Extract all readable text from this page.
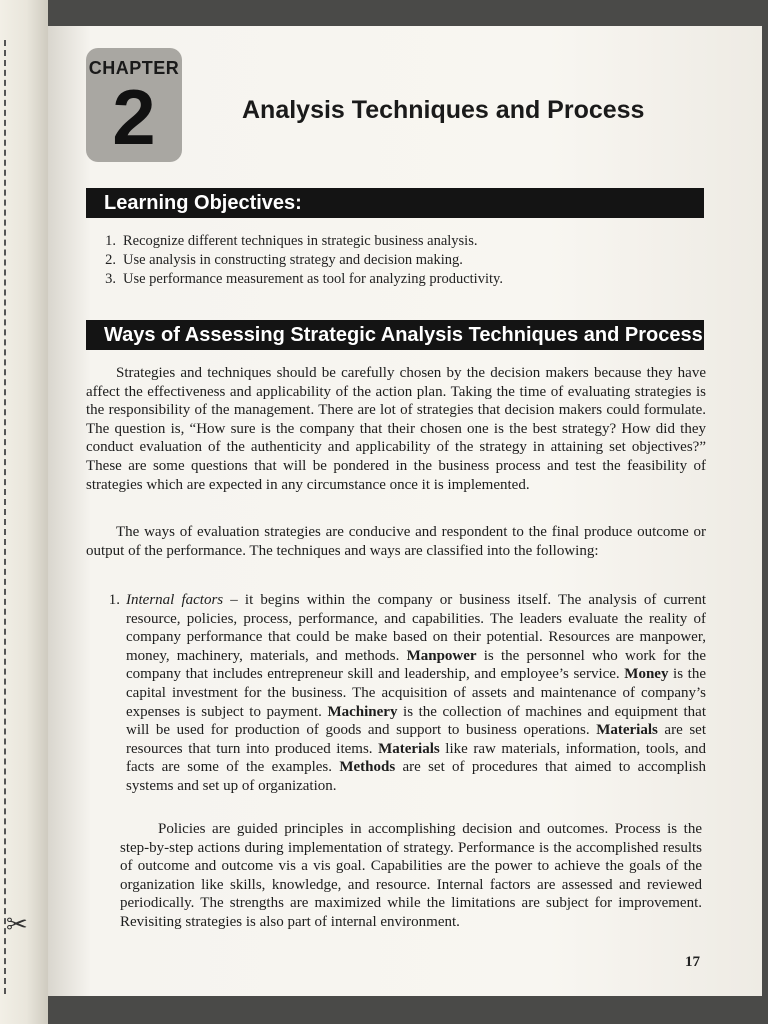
✂
CHAPTER
2	Analysis Techniques and Process
Learning Objectives:
1. Recognize different techniques in strategic business analysis.
2. Use analysis in constructing strategy and decision making.
3. Use performance measurement as tool for analyzing productivity.
Ways of Assessing Strategic Analysis Techniques and Process

Strategies and techniques should be carefully chosen by the decision makers because they have affect the effectiveness and applicability of the action plan. Taking the time of evaluating strategies is the responsibility of the management. There are lot of strategies that decision makers could formulate. The question is, “How sure is the company that their chosen one is the best strategy? How did they conduct evaluation of the authenticity and applicability of the strategy in attaining set objectives?” These are some questions that will be pondered in the business process and test the feasibility of strategies which are expected in any circumstance once it is implemented.

The ways of evaluation strategies are conducive and respondent to the final produce outcome or output of the performance. The techniques and ways are classified into the following:

1. Internal factors – it begins within the company or business itself. The analysis of current resource, policies, process, performance, and capabilities. The leaders evaluate the reality of company performance that could be make based on their potential. Resources are manpower, money, machinery, materials, and methods. Manpower is the personnel who work for the company that includes entrepreneur skill and leadership, and employee’s service. Money is the capital investment for the business. The acquisition of assets and maintenance of company’s expenses is subject to payment. Machinery is the collection of machines and equipment that will be used for production of goods and support to business operations. Materials are set resources that turn into produced items. Materials like raw materials, information, tools, and facts are some of the examples. Methods are set of procedures that aimed to accomplish systems and set up of organization.

Policies are guided principles in accomplishing decision and outcomes. Process is the step-by-step actions during implementation of strategy. Performance is the accomplished results of outcome and outcome vis a vis goal. Capabilities are the power to achieve the goals of the organization like skills, knowledge, and resource. Internal factors are assessed and reviewed periodically. The strengths are maximized while the limitations are subject for improvement. Revisiting strategies is also part of internal environment.

17
